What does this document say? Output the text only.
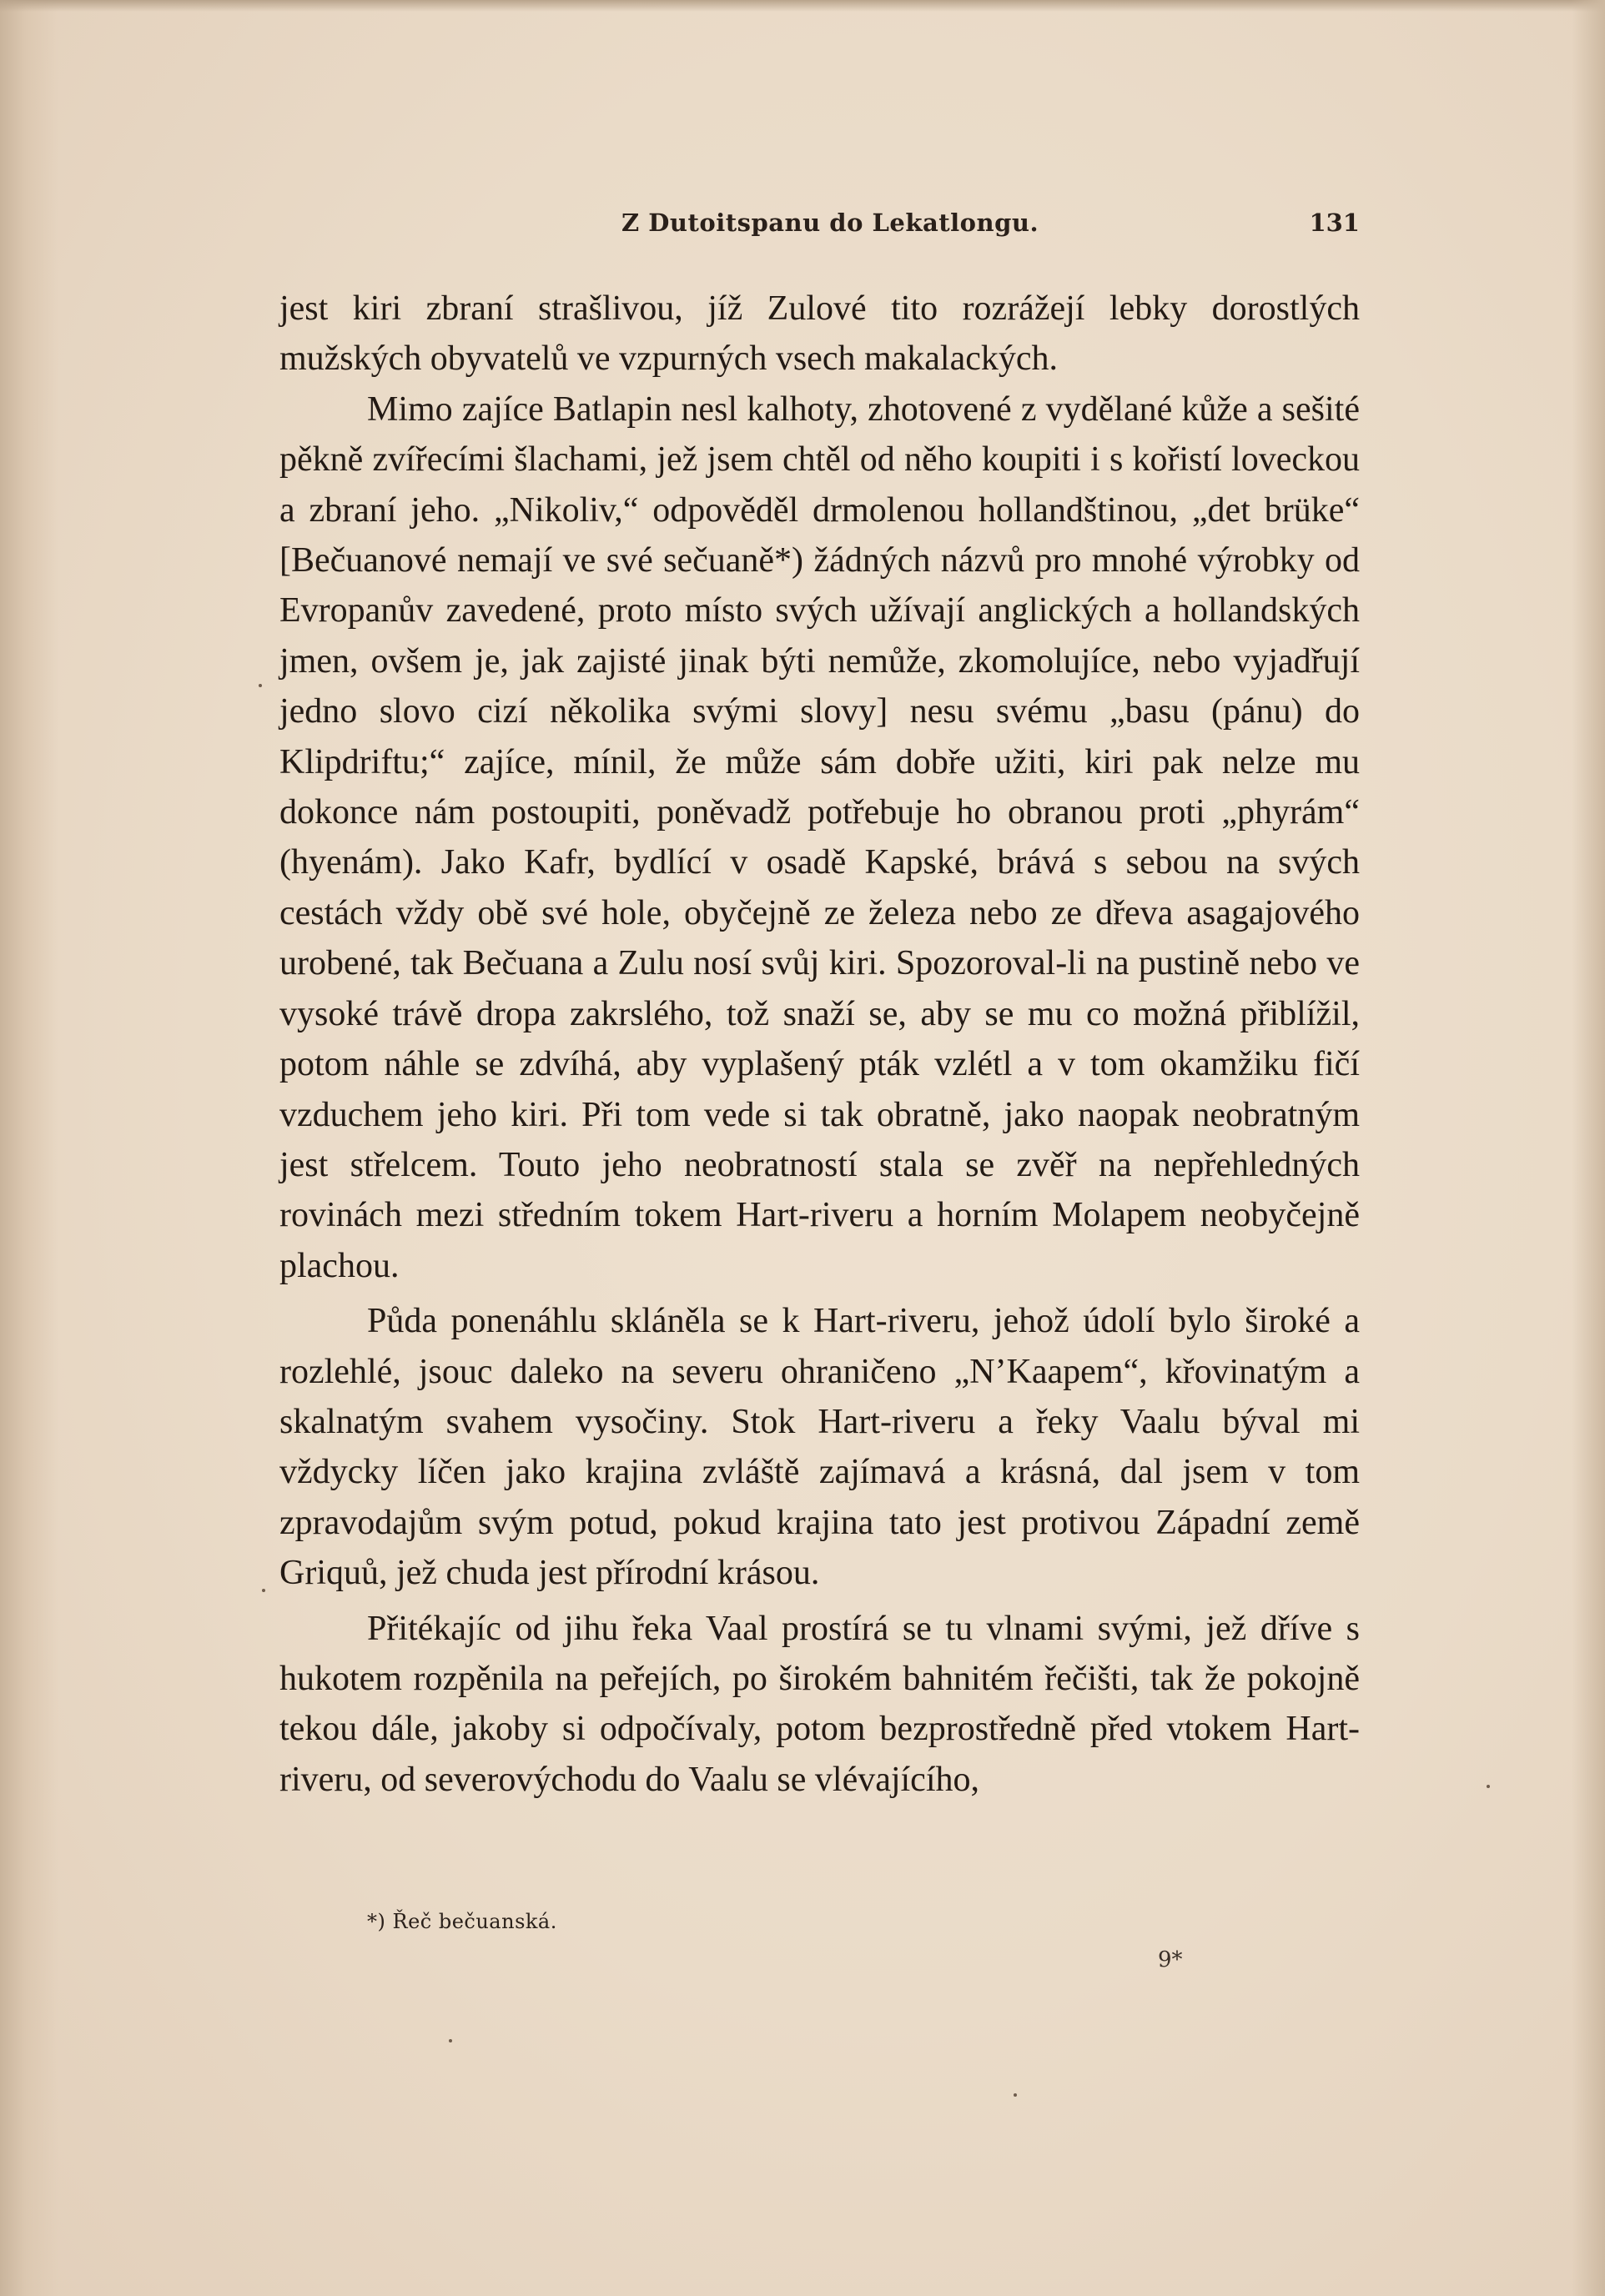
Z Dutoitspanu do Lekatlongu.	131

jest kiri zbraní strašlivou, jíž Zulové tito rozrážejí lebky dorostlých mužských obyvatelů ve vzpurných vsech makalackých.

Mimo zajíce Batlapin nesl kalhoty, zhotovené z vydělané kůže a sešité pěkně zvířecími šlachami, jež jsem chtěl od něho koupiti i s kořistí loveckou a zbraní jeho. „Nikoliv,“ odpověděl drmolenou hollandštinou, „det brüke“ [Bečuanové nemají ve své sečuaně*) žádných názvů pro mnohé výrobky od Evropanův zavedené, proto místo svých užívají anglických a hollandských jmen, ovšem je, jak zajisté jinak býti nemůže, zkomolujíce, nebo vyjadřují jedno slovo cizí několika svými slovy] nesu svému „basu (pánu) do Klipdriftu;“ zajíce, mínil, že může sám dobře užiti, kiri pak nelze mu dokonce nám postoupiti, poněvadž potřebuje ho obranou proti „phyrám“ (hyenám). Jako Kafr, bydlící v osadě Kapské, brává s sebou na svých cestách vždy obě své hole, obyčejně ze železa nebo ze dřeva asagajového urobené, tak Bečuana a Zulu nosí svůj kiri. Spozoroval-li na pustině nebo ve vysoké trávě dropa zakrslého, tož snaží se, aby se mu co možná přiblížil, potom náhle se zdvíhá, aby vyplašený pták vzlétl a v tom okamžiku fičí vzduchem jeho kiri. Při tom vede si tak obratně, jako naopak neobratným jest střelcem. Touto jeho neobratností stala se zvěř na nepřehledných rovinách mezi středním tokem Hart-riveru a horním Molapem neobyčejně plachou.

Půda ponenáhlu skláněla se k Hart-riveru, jehož údolí bylo široké a rozlehlé, jsouc daleko na severu ohraničeno „N’Kaapem“, křovinatým a skalnatým svahem vysočiny. Stok Hart-riveru a řeky Vaalu býval mi vždycky líčen jako krajina zvláště zajímavá a krásná, dal jsem v tom zpravodajům svým potud, pokud krajina tato jest protivou Západní země Griquů, jež chuda jest přírodní krásou.

Přitékajíc od jihu řeka Vaal prostírá se tu vlnami svými, jež dříve s hukotem rozpěnila na peřejích, po širokém bahnitém řečišti, tak že pokojně tekou dále, jakoby si odpočívaly, potom bezprostředně před vtokem Hart-riveru, od severovýchodu do Vaalu se vlévajícího,

*) Řeč bečuanská.
9*
